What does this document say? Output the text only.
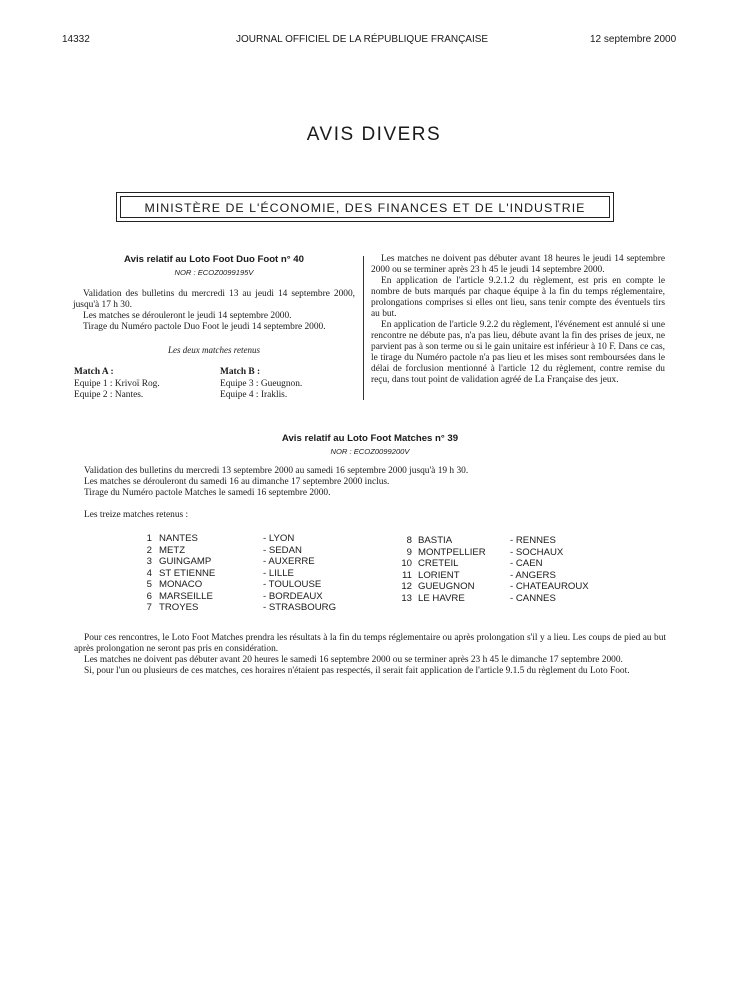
14332	JOURNAL OFFICIEL DE LA RÉPUBLIQUE FRANÇAISE	12 septembre 2000
AVIS DIVERS
MINISTÈRE DE L'ÉCONOMIE, DES FINANCES ET DE L'INDUSTRIE
Avis relatif au Loto Foot Duo Foot n° 40
NOR : ECOZ0099195V

Validation des bulletins du mercredi 13 au jeudi 14 septembre 2000, jusqu'à 17 h 30.

Les matches se dérouleront le jeudi 14 septembre 2000.

Tirage du Numéro pactole Duo Foot le jeudi 14 septembre 2000.

Les deux matches retenus
Match A :
Equipe 1 : Krivoï Rog.
Equipe 2 : Nantes.
Match B :
Equipe 3 : Gueugnon.
Equipe 4 : Iraklis.

Les matches ne doivent pas débuter avant 18 heures le jeudi 14 septembre 2000 ou se terminer après 23 h 45 le jeudi 14 septembre 2000.

En application de l'article 9.2.1.2 du règlement, est pris en compte le nombre de buts marqués par chaque équipe à la fin du temps réglementaire, prolongations comprises si elles ont lieu, sans tenir compte des éventuels tirs au but.

En application de l'article 9.2.2 du règlement, l'événement est annulé si une rencontre ne débute pas, n'a pas lieu, débute avant la fin des prises de jeux, ne parvient pas à son terme ou si le gain unitaire est inférieur à 10 F. Dans ce cas, le tirage du Numéro pactole n'a pas lieu et les mises sont remboursées dans le délai de forclusion mentionné à l'article 12 du règlement, contre remise du reçu, dans tout point de validation agréé de La Française des jeux.

Avis relatif au Loto Foot Matches n° 39
NOR : ECOZ0099200V

Validation des bulletins du mercredi 13 septembre 2000 au samedi 16 septembre 2000 jusqu'à 19 h 30.

Les matches se dérouleront du samedi 16 au dimanche 17 septembre 2000 inclus.

Tirage du Numéro pactole Matches le samedi 16 septembre 2000.

Les treize matches retenus :

1 NANTES	- LYON
2 METZ	- SEDAN
3 GUINGAMP	- AUXERRE
4 ST ETIENNE	- LILLE
5 MONACO	- TOULOUSE
6 MARSEILLE	- BORDEAUX
7 TROYES	- STRASBOURG
8 BASTIA	- RENNES
9 MONTPELLIER	- SOCHAUX
10 CRETEIL	- CAEN
11 LORIENT	- ANGERS
12 GUEUGNON	- CHATEAUROUX
13 LE HAVRE	- CANNES

Pour ces rencontres, le Loto Foot Matches prendra les résultats à la fin du temps réglementaire ou après prolongation s'il y a lieu. Les coups de pied au but après prolongation ne seront pas pris en considération.

Les matches ne doivent pas débuter avant 20 heures le samedi 16 septembre 2000 ou se terminer après 23 h 45 le dimanche 17 septembre 2000.

Si, pour l'un ou plusieurs de ces matches, ces horaires n'étaient pas respectés, il serait fait application de l'article 9.1.5 du règlement du Loto Foot.
